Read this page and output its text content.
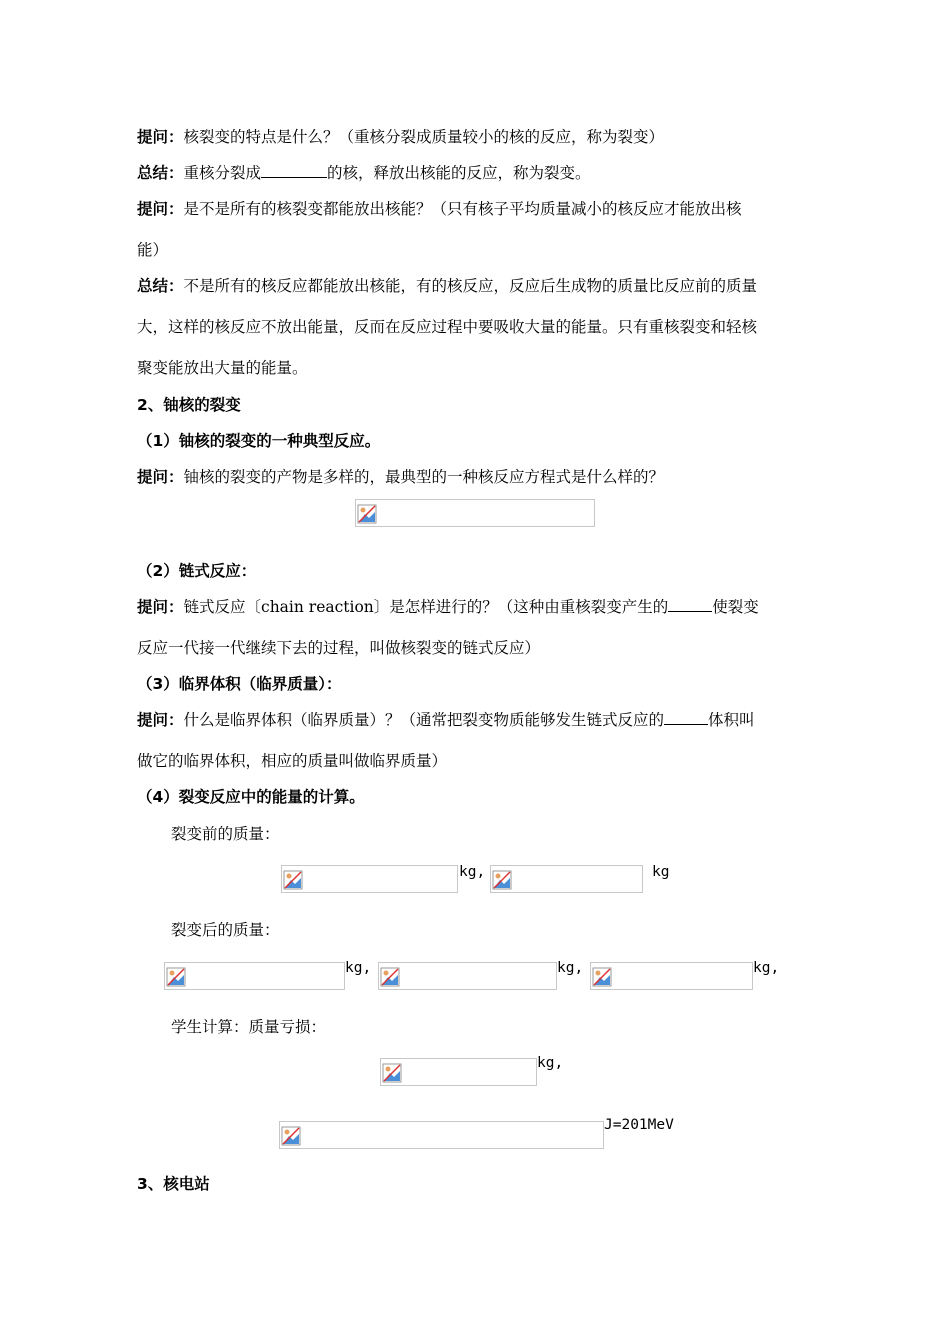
提问：核裂变的特点是什么？（重核分裂成质量较小的核的反应，称为裂变）
总结：重核分裂成	的核，释放出核能的反应，称为裂变。
提问：是不是所有的核裂变都能放出核能？（只有核子平均质量减小的核反应才能放出核
能）
总结：不是所有的核反应都能放出核能，有的核反应，反应后生成物的质量比反应前的质量
大，这样的核反应不放出能量，反而在反应过程中要吸收大量的能量。只有重核裂变和轻核
聚变能放出大量的能量。
2、铀核的裂变
（1）铀核的裂变的一种典型反应。
提问：铀核的裂变的产物是多样的，最典型的一种核反应方程式是什么样的？
（2）链式反应：
提问：链式反应〔chain reaction〕是怎样进行的？（这种由重核裂变产生的	使裂变
反应一代接一代继续下去的过程，叫做核裂变的链式反应）
（3）临界体积（临界质量）：
提问：什么是临界体积（临界质量）？（通常把裂变物质能够发生链式反应的	体积叫
做它的临界体积，相应的质量叫做临界质量）
（4）裂变反应中的能量的计算。
裂变前的质量：
kg,	kg
裂变后的质量：
kg,	kg,	kg,
学生计算：质量亏损：
kg,
J=201MeV
3、核电站
